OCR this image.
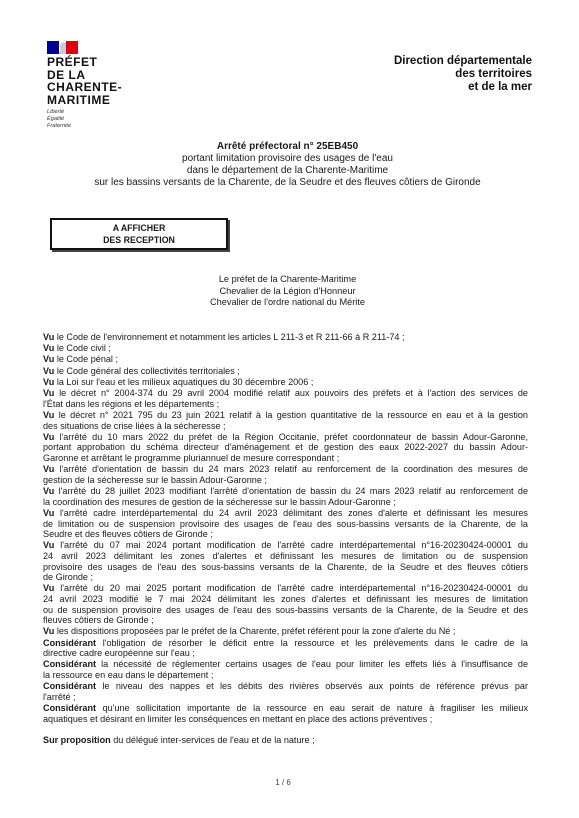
PRÉFET
DE LA
CHARENTE-
MARITIME
Liberté
Égalité
Fraternité
Direction départementale
des territoires
et de la mer
Arrêté préfectoral n° 25EB450
portant limitation provisoire des usages de l'eau
dans le département de la Charente-Maritime
sur les bassins versants de la Charente, de la Seudre et des fleuves côtiers de Gironde
A AFFICHER
DES RECEPTION
Le préfet de la Charente-Maritime
Chevalier de la Légion d'Honneur
Chevalier de l'ordre national du Mérite
Vu le Code de l'environnement et notamment les articles L 211-3 et R 211-66 à R 211-74 ;
Vu le Code civil ;
Vu le Code pénal ;
Vu le Code général des collectivités territoriales ;
Vu la Loi sur l'eau et les milieux aquatiques du 30 décembre 2006 ;
Vu le décret n° 2004-374 du 29 avril 2004 modifié relatif aux pouvoirs des préfets et à l'action des services de
l'État dans les régions et les départements ;
Vu le décret n° 2021 795 du 23 juin 2021 relatif à la gestion quantitative de la ressource en eau et à la gestion
des situations de crise liées à la sécheresse ;
Vu l'arrêté du 10 mars 2022 du préfet de la Région Occitanie, préfet coordonnateur de bassin Adour-Garonne,
portant approbation du schéma directeur d'aménagement et de gestion des eaux 2022-2027 du bassin Adour-
Garonne et arrêtant le programme pluriannuel de mesure correspondant ;
Vu l'arrêté d'orientation de bassin du 24 mars 2023 relatif au renforcement de la coordination des mesures de
gestion de la sécheresse sur le bassin Adour-Garonne ;
Vu l'arrêté du 28 juillet 2023 modifiant l'arrêté d'orientation de bassin du 24 mars 2023 relatif au renforcement de
la coordination des mesures de gestion de la sécheresse sur le bassin Adour-Garonne ;
Vu l'arrêté cadre interdépartemental du 24 avril 2023 délimitant des zones d'alerte et définissant les mesures
de limitation ou de suspension provisoire des usages de l'eau des sous-bassins versants de la Charente, de la
Seudre et des fleuves côtiers de Gironde ;
Vu l'arrêté du 07 mai 2024 portant modification de l'arrêté cadre interdépartemental n°16-20230424-00001 du
24 avril 2023 délimitant les zones d'alertes et définissant les mesures de limitation ou de suspension
provisoire des usages de l'eau des sous-bassins versants de la Charente, de la Seudre et des fleuves côtiers
de Gironde ;
Vu l'arrêté du 20 mai 2025 portant modification de l'arrêté cadre interdépartemental n°16-20230424-00001 du
24 avril 2023 modifié le 7 mai 2024 délimitant les zones d'alertes et définissant les mesures de limitation
ou de suspension provisoire des usages de l'eau des sous-bassins versants de la Charente, de la Seudre et des
fleuves côtiers de Gironde ;
Vu les dispositions proposées par le préfet de la Charente, préfet référent pour la zone d'alerte du Né ;
Considérant l'obligation de résorber le déficit entre la ressource et les prélèvements dans le cadre de la
directive cadre européenne sur l'eau ;
Considérant la nécessité de réglementer certains usages de l'eau pour limiter les effets liés à l'insuffisance de
la ressource en eau dans le département ;
Considérant le niveau des nappes et les débits des rivières observés aux points de référence prévus par
l'arrêté ;
Considérant qu'une sollicitation importante de la ressource en eau serait de nature à fragiliser les milieux
aquatiques et désirant en limiter les conséquences en mettant en place des actions préventives ;
Sur proposition du délégué inter-services de l'eau et de la nature ;
1 / 6
